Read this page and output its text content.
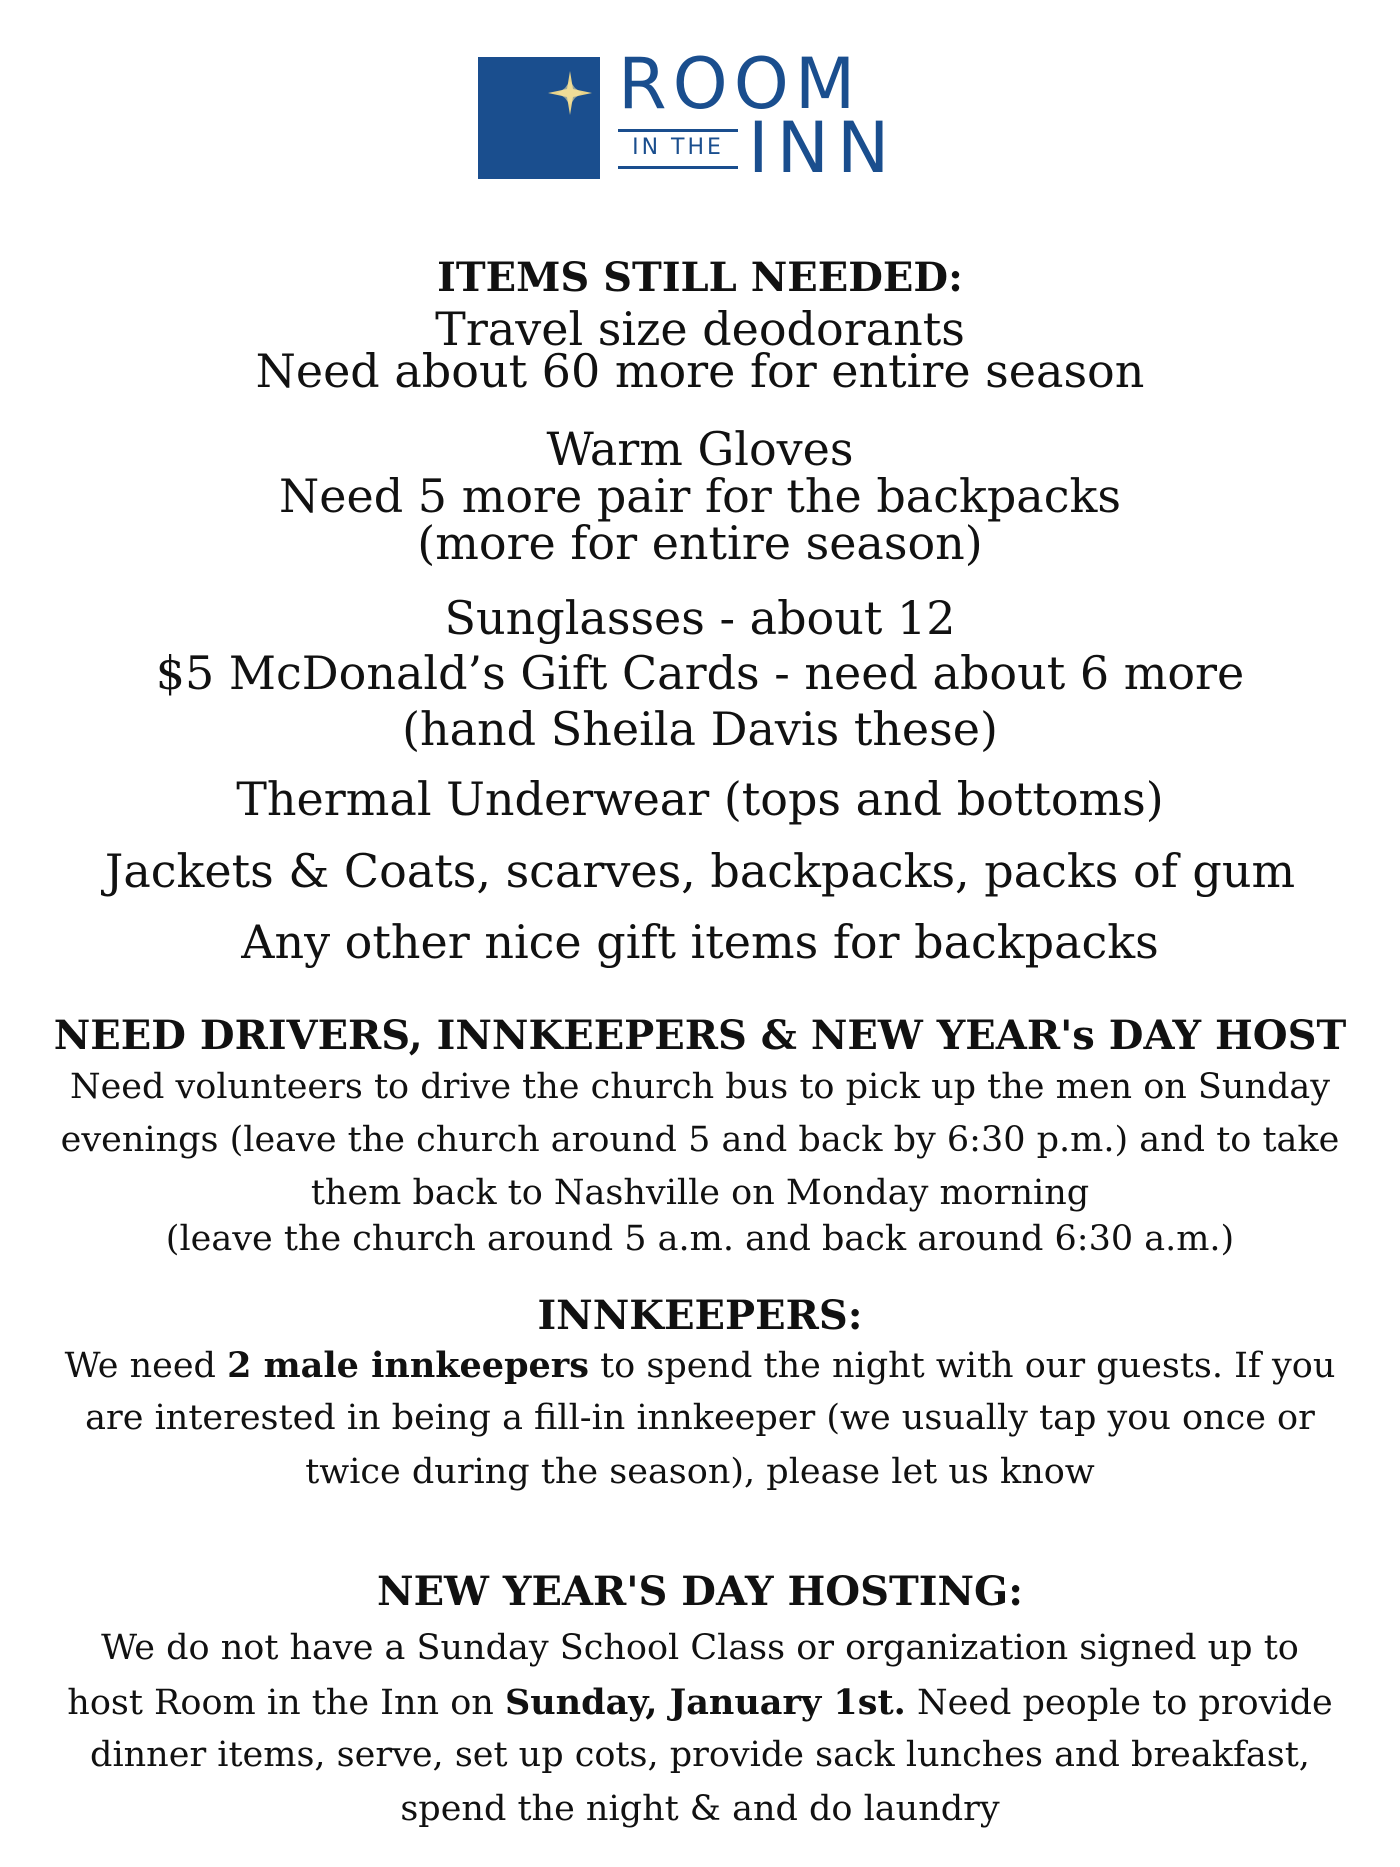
ROOM
IN THE INN
ITEMS STILL NEEDED:
Travel size deodorants
Need about 60 more for entire season
Warm Gloves
Need 5 more pair for the backpacks
(more for entire season)
Sunglasses - about 12
$5 McDonald’s Gift Cards - need about 6 more
(hand Sheila Davis these)
Thermal Underwear (tops and bottoms)
Jackets & Coats, scarves, backpacks, packs of gum
Any other nice gift items for backpacks
NEED DRIVERS, INNKEEPERS & NEW YEAR's DAY HOST
Need volunteers to drive the church bus to pick up the men on Sunday
evenings (leave the church around 5 and back by 6:30 p.m.) and to take
them back to Nashville on Monday morning
(leave the church around 5 a.m. and back around 6:30 a.m.)
INNKEEPERS:
We need 2 male innkeepers to spend the night with our guests. If you
are interested in being a fill-in innkeeper (we usually tap you once or
twice during the season), please let us know
NEW YEAR'S DAY HOSTING:
We do not have a Sunday School Class or organization signed up to
host Room in the Inn on Sunday, January 1st. Need people to provide
dinner items, serve, set up cots, provide sack lunches and breakfast,
spend the night & and do laundry
